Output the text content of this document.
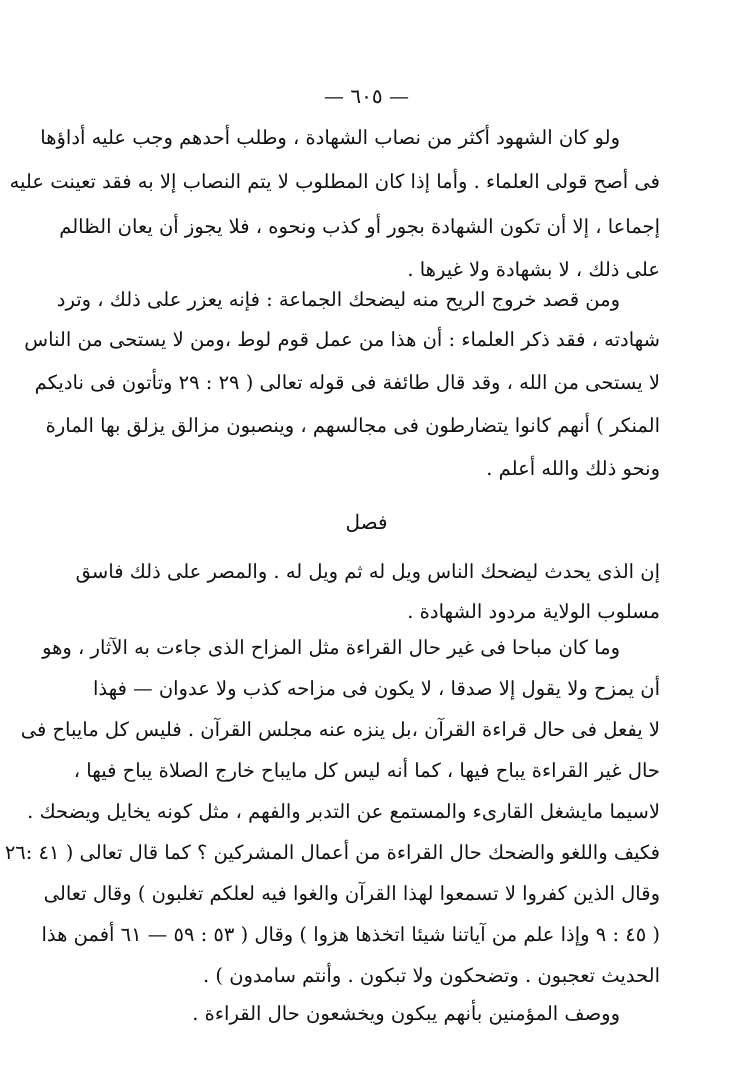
— ٦٠٥ —
ولو كان الشهود أكثر من نصاب الشهادة ، وطلب أحدهم وجب عليه أداؤها
فى أصح قولى العلماء . وأما إذا كان المطلوب لا يتم النصاب إلا به فقد تعينت عليه
إجماعا ، إلا أن تكون الشهادة بجور أو كذب ونحوه ، فلا يجوز أن يعان الظالم
على ذلك ، لا بشهادة ولا غيرها .
ومن قصد خروج الريح منه ليضحك الجماعة : فإنه يعزر على ذلك ، وترد
شهادته ، فقد ذكر العلماء : أن هذا من عمل قوم لوط ،ومن لا يستحى من الناس
لا يستحى من الله ، وقد قال طائفة فى قوله تعالى ( ٢٩ : ٢٩ وتأتون فى ناديكم
المنكر ) أنهم كانوا يتضارطون فى مجالسهم ، وينصبون مزالق يزلق بها المارة
ونحو ذلك والله أعلم .
إن الذى يحدث ليضحك الناس ويل له ثم ويل له . والمصر على ذلك فاسق
مسلوب الولاية مردود الشهادة .
وما كان مباحا فى غير حال القراءة مثل المزاح الذى جاءت به الآثار ، وهو
أن يمزح ولا يقول إلا صدقا ، لا يكون فى مزاحه كذب ولا عدوان — فهذا
لا يفعل فى حال قراءة القرآن ،بل ينزه عنه مجلس القرآن . فليس كل مايباح فى
حال غير القراءة يباح فيها ، كما أنه ليس كل مايباح خارج الصلاة يباح فيها ،
لاسيما مايشغل القارىء والمستمع عن التدبر والفهم ، مثل كونه يخايل ويضحك .
فكيف واللغو والضحك حال القراءة من أعمال المشركين ؟ كما قال تعالى ( ٤١ :٢٦
وقال الذين كفروا لا تسمعوا لهذا القرآن والغوا فيه لعلكم تغلبون ) وقال تعالى
( ٤٥ : ٩ وإذا علم من آياتنا شيئا اتخذها هزوا ) وقال ( ٥٣ : ٥٩ — ٦١ أفمن هذا
الحديث تعجبون . وتضحكون ولا تبكون . وأنتم سامدون ) .
ووصف المؤمنين بأنهم يبكون ويخشعون حال القراءة .
فصل
